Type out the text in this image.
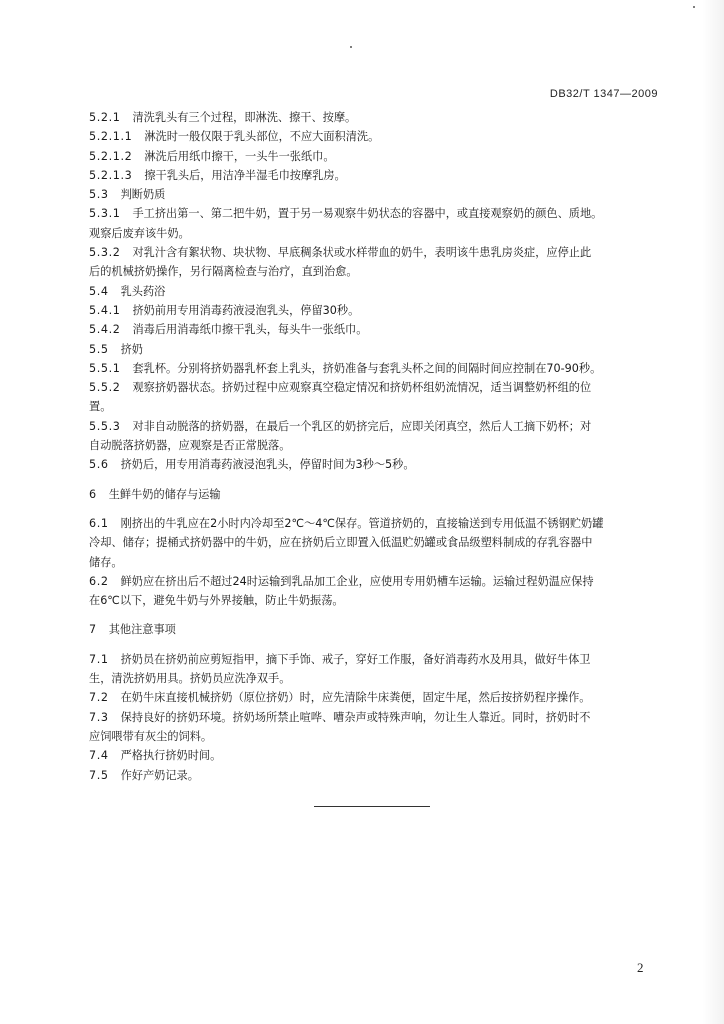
DB32/T 1347—2009
5.2.1 清洗乳头有三个过程，即淋洗、擦干、按摩。
5.2.1.1 淋洗时一般仅限于乳头部位，不应大面积清洗。
5.2.1.2 淋洗后用纸巾擦干，一头牛一张纸巾。
5.2.1.3 擦干乳头后，用洁净半湿毛巾按摩乳房。
5.3 判断奶质
5.3.1 手工挤出第一、第二把牛奶，置于另一易观察牛奶状态的容器中，或直接观察奶的颜色、质地。
观察后废弃该牛奶。
5.3.2 对乳汁含有絮状物、块状物、早底稠条状或水样带血的奶牛，表明该牛患乳房炎症，应停止此
后的机械挤奶操作，另行隔离检查与治疗，直到治愈。
5.4 乳头药浴
5.4.1 挤奶前用专用消毒药液浸泡乳头，停留30秒。
5.4.2 消毒后用消毒纸巾擦干乳头，每头牛一张纸巾。
5.5 挤奶
5.5.1 套乳杯。分别将挤奶器乳杯套上乳头，挤奶准备与套乳头杯之间的间隔时间应控制在70-90秒。
5.5.2 观察挤奶器状态。挤奶过程中应观察真空稳定情况和挤奶杯组奶流情况，适当调整奶杯组的位
置。
5.5.3 对非自动脱落的挤奶器，在最后一个乳区的奶挤完后，应即关闭真空，然后人工摘下奶杯；对
自动脱落挤奶器，应观察是否正常脱落。
5.6 挤奶后，用专用消毒药液浸泡乳头，停留时间为3秒～5秒。
6 生鲜牛奶的储存与运输
6.1 刚挤出的牛乳应在2小时内冷却至2℃～4℃保存。管道挤奶的，直接输送到专用低温不锈钢贮奶罐
冷却、储存；提桶式挤奶器中的牛奶，应在挤奶后立即置入低温贮奶罐或食品级塑料制成的存乳容器中
储存。
6.2 鲜奶应在挤出后不超过24时运输到乳品加工企业，应使用专用奶槽车运输。运输过程奶温应保持
在6℃以下，避免牛奶与外界接触，防止牛奶振荡。
7 其他注意事项
7.1 挤奶员在挤奶前应剪短指甲，摘下手饰、戒子，穿好工作服，备好消毒药水及用具，做好牛体卫
生，清洗挤奶用具。挤奶员应洗净双手。
7.2 在奶牛床直接机械挤奶（原位挤奶）时，应先清除牛床粪便，固定牛尾，然后按挤奶程序操作。
7.3 保持良好的挤奶环境。挤奶场所禁止喧哗、嘈杂声或特殊声响，勿让生人靠近。同时，挤奶时不
应饲喂带有灰尘的饲料。
7.4 严格执行挤奶时间。
7.5 作好产奶记录。
2
